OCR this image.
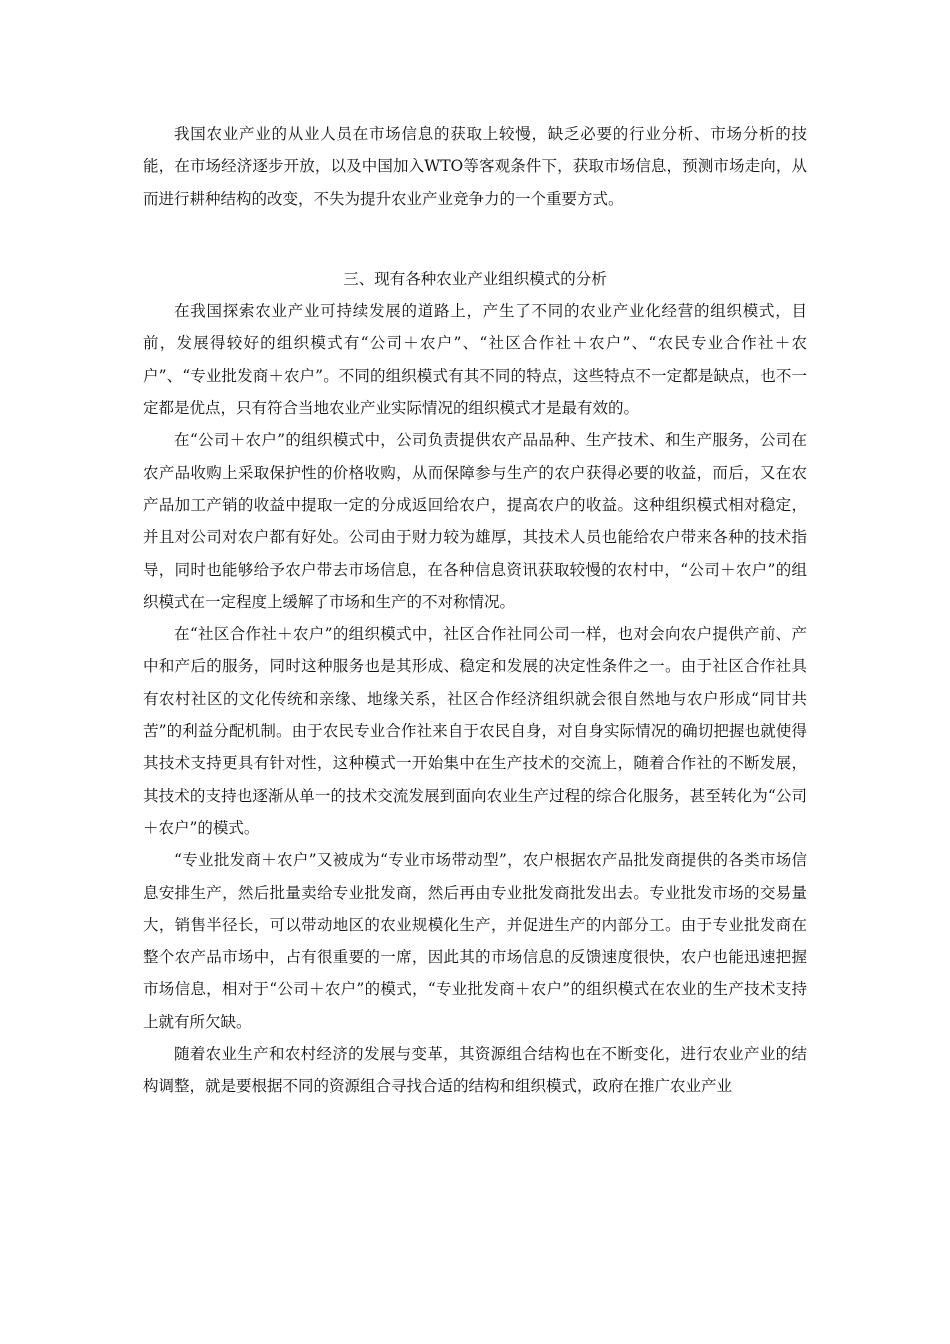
我国农业产业的从业人员在市场信息的获取上较慢，缺乏必要的行业分析、市场分析的技能，在市场经济逐步开放，以及中国加入WTO等客观条件下，获取市场信息，预测市场走向，从而进行耕种结构的改变，不失为提升农业产业竞争力的一个重要方式。

三、现有各种农业产业组织模式的分析

在我国探索农业产业可持续发展的道路上，产生了不同的农业产业化经营的组织模式，目前，发展得较好的组织模式有“公司＋农户”、“社区合作社＋农户”、“农民专业合作社＋农户”、“专业批发商＋农户”。不同的组织模式有其不同的特点，这些特点不一定都是缺点，也不一定都是优点，只有符合当地农业产业实际情况的组织模式才是最有效的。

在“公司＋农户”的组织模式中，公司负责提供农产品品种、生产技术、和生产服务，公司在农产品收购上采取保护性的价格收购，从而保障参与生产的农户获得必要的收益，而后，又在农产品加工产销的收益中提取一定的分成返回给农户，提高农户的收益。这种组织模式相对稳定，并且对公司对农户都有好处。公司由于财力较为雄厚，其技术人员也能给农户带来各种的技术指导，同时也能够给予农户带去市场信息，在各种信息资讯获取较慢的农村中，“公司＋农户”的组织模式在一定程度上缓解了市场和生产的不对称情况。

在“社区合作社＋农户”的组织模式中，社区合作社同公司一样，也对会向农户提供产前、产中和产后的服务，同时这种服务也是其形成、稳定和发展的决定性条件之一。由于社区合作社具有农村社区的文化传统和亲缘、地缘关系，社区合作经济组织就会很自然地与农户形成“同甘共苦”的利益分配机制。由于农民专业合作社来自于农民自身，对自身实际情况的确切把握也就使得其技术支持更具有针对性，这种模式一开始集中在生产技术的交流上，随着合作社的不断发展，其技术的支持也逐渐从单一的技术交流发展到面向农业生产过程的综合化服务，甚至转化为“公司＋农户”的模式。

“专业批发商＋农户”又被成为“专业市场带动型”，农户根据农产品批发商提供的各类市场信息安排生产，然后批量卖给专业批发商，然后再由专业批发商批发出去。专业批发市场的交易量大，销售半径长，可以带动地区的农业规模化生产，并促进生产的内部分工。由于专业批发商在整个农产品市场中，占有很重要的一席，因此其的市场信息的反馈速度很快，农户也能迅速把握市场信息，相对于“公司＋农户”的模式，“专业批发商＋农户”的组织模式在农业的生产技术支持上就有所欠缺。

随着农业生产和农村经济的发展与变革，其资源组合结构也在不断变化，进行农业产业的结构调整，就是要根据不同的资源组合寻找合适的结构和组织模式，政府在推广农业产业
